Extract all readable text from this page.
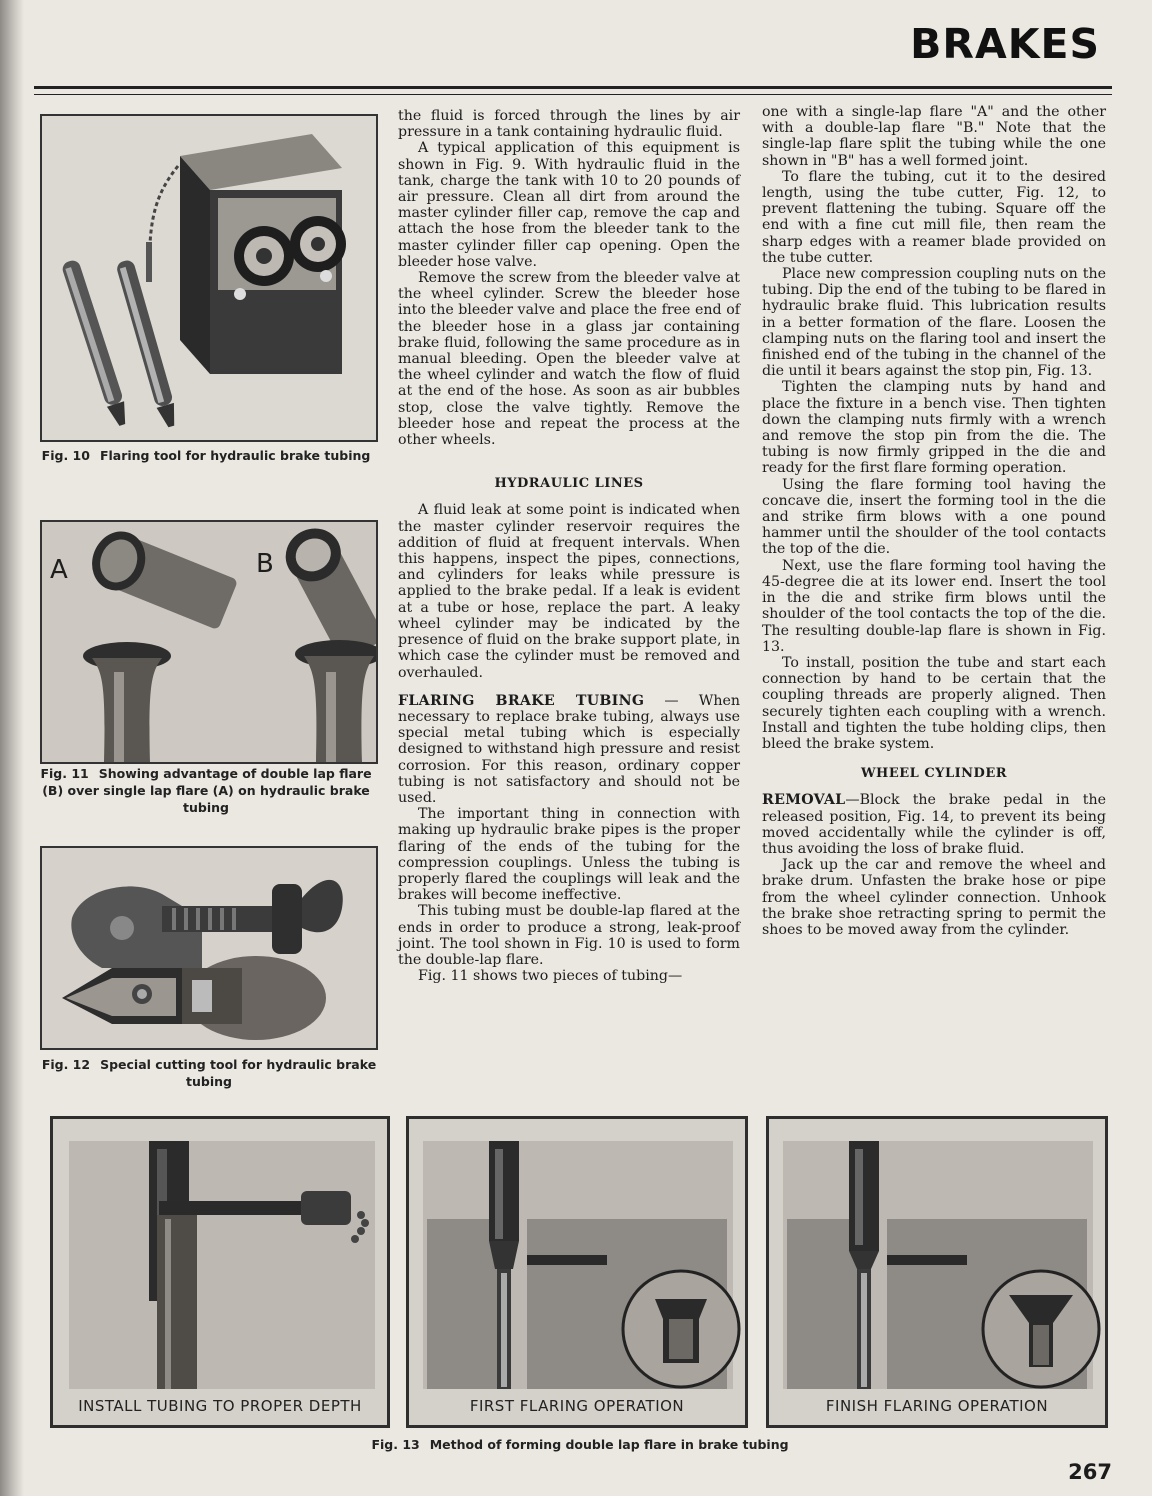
BRAKES
Fig. 10 Flaring tool for hydraulic brake tubing
A	B
Fig. 11 Showing advantage of double lap flare (B) over single lap flare (A) on hydraulic brake tubing
Fig. 12 Special cutting tool for hydraulic brake tubing

the fluid is forced through the lines by air pressure in a tank containing hydraulic fluid.

A typical application of this equipment is shown in Fig. 9. With hydraulic fluid in the tank, charge the tank with 10 to 20 pounds of air pressure. Clean all dirt from around the master cylinder filler cap, remove the cap and attach the hose from the bleeder tank to the master cylinder filler cap opening. Open the bleeder hose valve.

Remove the screw from the bleeder valve at the wheel cylinder. Screw the bleeder hose into the bleeder valve and place the free end of the bleeder hose in a glass jar containing brake fluid, following the same procedure as in manual bleeding. Open the bleeder valve at the wheel cylinder and watch the flow of fluid at the end of the hose. As soon as air bubbles stop, close the valve tightly. Remove the bleeder hose and repeat the process at the other wheels.

HYDRAULIC LINES

A fluid leak at some point is indicated when the master cylinder reservoir requires the addition of fluid at frequent intervals. When this happens, inspect the pipes, connections, and cylinders for leaks while pressure is applied to the brake pedal. If a leak is evident at a tube or hose, replace the part. A leaky wheel cylinder may be indicated by the presence of fluid on the brake support plate, in which case the cylinder must be removed and overhauled.

FLARING BRAKE TUBING — When necessary to replace brake tubing, always use special metal tubing which is especially designed to withstand high pressure and resist corrosion. For this reason, ordinary copper tubing is not satisfactory and should not be used.

The important thing in connection with making up hydraulic brake pipes is the proper flaring of the ends of the tubing for the compression couplings. Unless the tubing is properly flared the couplings will leak and the brakes will become ineffective.

This tubing must be double-lap flared at the ends in order to produce a strong, leak-proof joint. The tool shown in Fig. 10 is used to form the double-lap flare.

Fig. 11 shows two pieces of tubing—

one with a single-lap flare "A" and the other with a double-lap flare "B." Note that the single-lap flare split the tubing while the one shown in "B" has a well formed joint.

To flare the tubing, cut it to the desired length, using the tube cutter, Fig. 12, to prevent flattening the tubing. Square off the end with a fine cut mill file, then ream the sharp edges with a reamer blade provided on the tube cutter.

Place new compression coupling nuts on the tubing. Dip the end of the tubing to be flared in hydraulic brake fluid. This lubrication results in a better formation of the flare. Loosen the clamping nuts on the flaring tool and insert the finished end of the tubing in the channel of the die until it bears against the stop pin, Fig. 13.

Tighten the clamping nuts by hand and place the fixture in a bench vise. Then tighten down the clamping nuts firmly with a wrench and remove the stop pin from the die. The tubing is now firmly gripped in the die and ready for the first flare forming operation.

Using the flare forming tool having the concave die, insert the forming tool in the die and strike firm blows with a one pound hammer until the shoulder of the tool contacts the top of the die.

Next, use the flare forming tool having the 45-degree die at its lower end. Insert the tool in the die and strike firm blows until the shoulder of the tool contacts the top of the die. The resulting double-lap flare is shown in Fig. 13.

To install, position the tube and start each connection by hand to be certain that the coupling threads are properly aligned. Then securely tighten each coupling with a wrench. Install and tighten the tube holding clips, then bleed the brake system.

WHEEL CYLINDER

REMOVAL—Block the brake pedal in the released position, Fig. 14, to prevent its being moved accidentally while the cylinder is off, thus avoiding the loss of brake fluid.

Jack up the car and remove the wheel and brake drum. Unfasten the brake hose or pipe from the wheel cylinder connection. Unhook the brake shoe retracting spring to permit the shoes to be moved away from the cylinder.

INSTALL TUBING TO PROPER DEPTH	FIRST FLARING OPERATION	FINISH FLARING OPERATION
Fig. 13 Method of forming double lap flare in brake tubing
267
